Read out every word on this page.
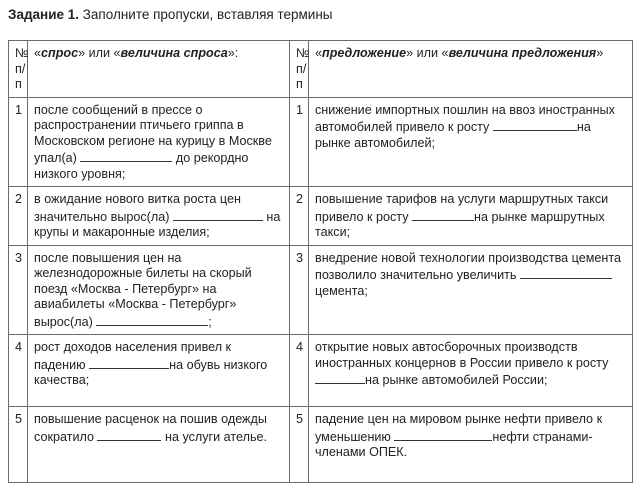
Задание 1. Заполните пропуски, вставляя термины
№ п/п	«спрос» или «величина спроса»:	№ п/п	«предложение» или «величина предложения»
1	после сообщений в прессе о распространении птичьего гриппа в Московском регионе на курицу в Москве упал(а) до рекордно низкого уровня;	1	снижение импортных пошлин на ввоз иностранных автомобилей привело к росту на рынке автомобилей;
2	в ожидание нового витка роста цен значительно вырос(ла) на крупы и макаронные изделия;	2	повышение тарифов на услуги маршрутных такси привело к росту на рынке маршрутных такси;
3	после повышения цен на железнодорожные билеты на скорый поезд «Москва - Петербург» на авиабилеты «Москва - Петербург» вырос(ла) ;	3	внедрение новой технологии производства цемента позволило значительно увеличить  цемента;
4	рост доходов населения привел к падению на обувь низкого качества;	4	открытие новых автосборочных производств иностранных концернов в России привело к росту на рынке автомобилей России;
5	повышение расценок на пошив одежды сократило на услуги ателье.	5	падение цен на мировом рынке нефти привело к уменьшению нефти странами-членами ОПЕК.
